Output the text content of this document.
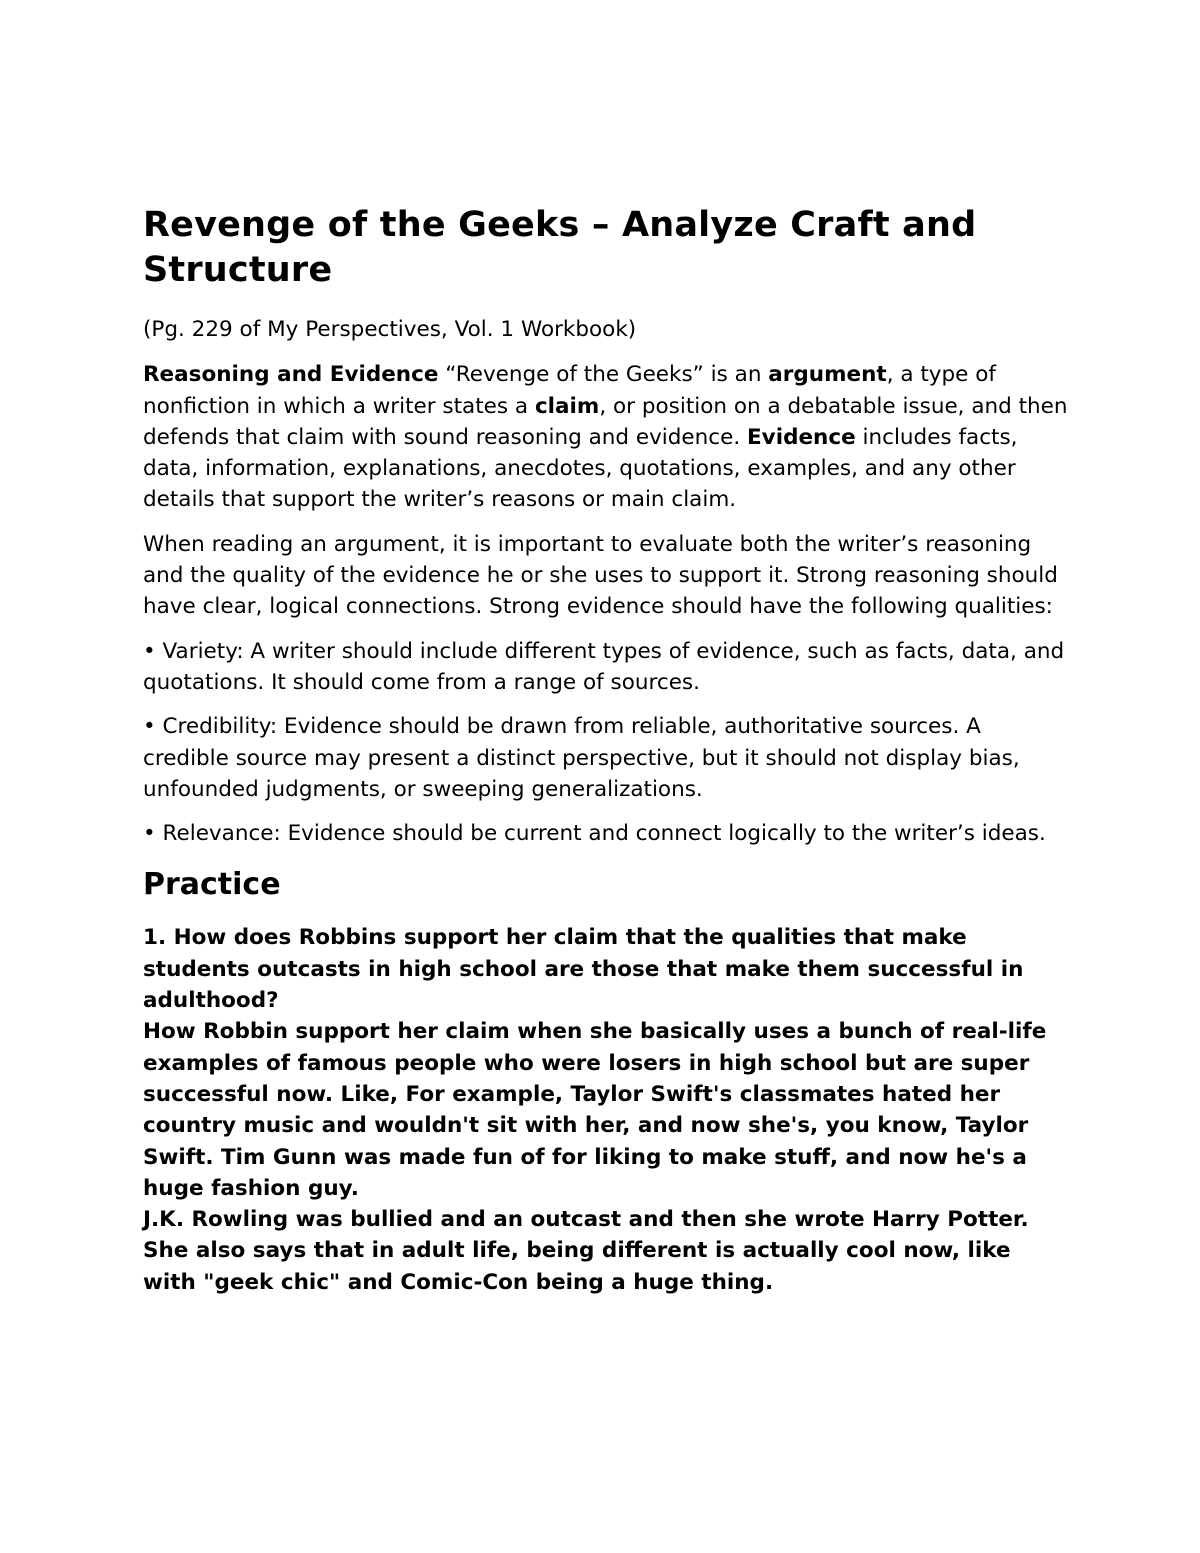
Revenge of the Geeks – Analyze Craft and Structure

(Pg. 229 of My Perspectives, Vol. 1 Workbook)

Reasoning and Evidence “Revenge of the Geeks” is an argument, a type of nonfiction in which a writer states a claim, or position on a debatable issue, and then defends that claim with sound reasoning and evidence. Evidence includes facts, data, information, explanations, anecdotes, quotations, examples, and any other details that support the writer’s reasons or main claim.

When reading an argument, it is important to evaluate both the writer’s reasoning and the quality of the evidence he or she uses to support it. Strong reasoning should have clear, logical connections. Strong evidence should have the following qualities:

• Variety: A writer should include different types of evidence, such as facts, data, and quotations. It should come from a range of sources.

• Credibility: Evidence should be drawn from reliable, authoritative sources. A credible source may present a distinct perspective, but it should not display bias, unfounded judgments, or sweeping generalizations.

• Relevance: Evidence should be current and connect logically to the writer’s ideas.

Practice

1. How does Robbins support her claim that the qualities that make students outcasts in high school are those that make them successful in adulthood?

How Robbin support her claim when she basically uses a bunch of real-life examples of famous people who were losers in high school but are super successful now. Like, For example, Taylor Swift's classmates hated her country music and wouldn't sit with her, and now she's, you know, Taylor Swift. Tim Gunn was made fun of for liking to make stuff, and now he's a huge fashion guy.

J.K. Rowling was bullied and an outcast and then she wrote Harry Potter. She also says that in adult life, being different is actually cool now, like with "geek chic" and Comic-Con being a huge thing.
